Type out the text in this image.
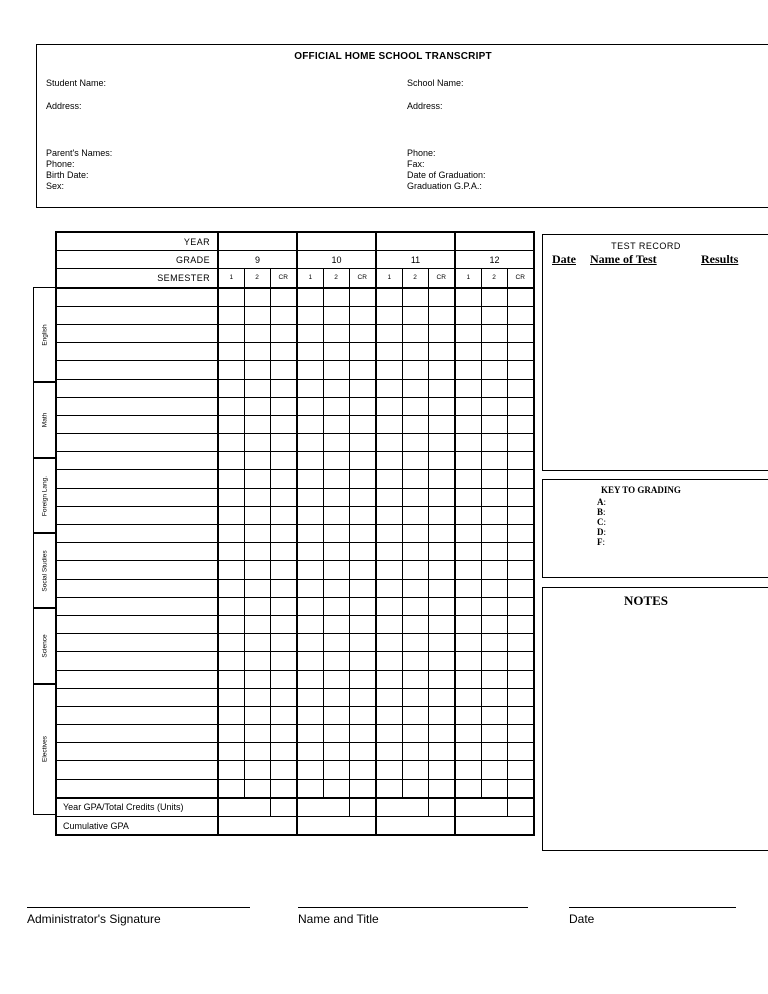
OFFICIAL HOME SCHOOL TRANSCRIPT
Student Name:
Address:
Parent's Names:
Phone:
Birth Date:
Sex:
School Name:
Address:
Phone:
Fax:
Date of Graduation:
Graduation G.P.A.:
English
Math
Foreign Lang.
Social Studies
Science
Electives
YEAR												
GRADE	9			10			11			12		
SEMESTER	1	2	CR	1	2	CR	1	2	CR	1	2	CR

Year GPA/Total Credits (Units)												
Cumulative GPA												
TEST RECORD
Date Name of Test	Results
KEY TO GRADING
A:
B:
C:
D:
F:
NOTES
Administrator's Signature	Name and Title	Date
